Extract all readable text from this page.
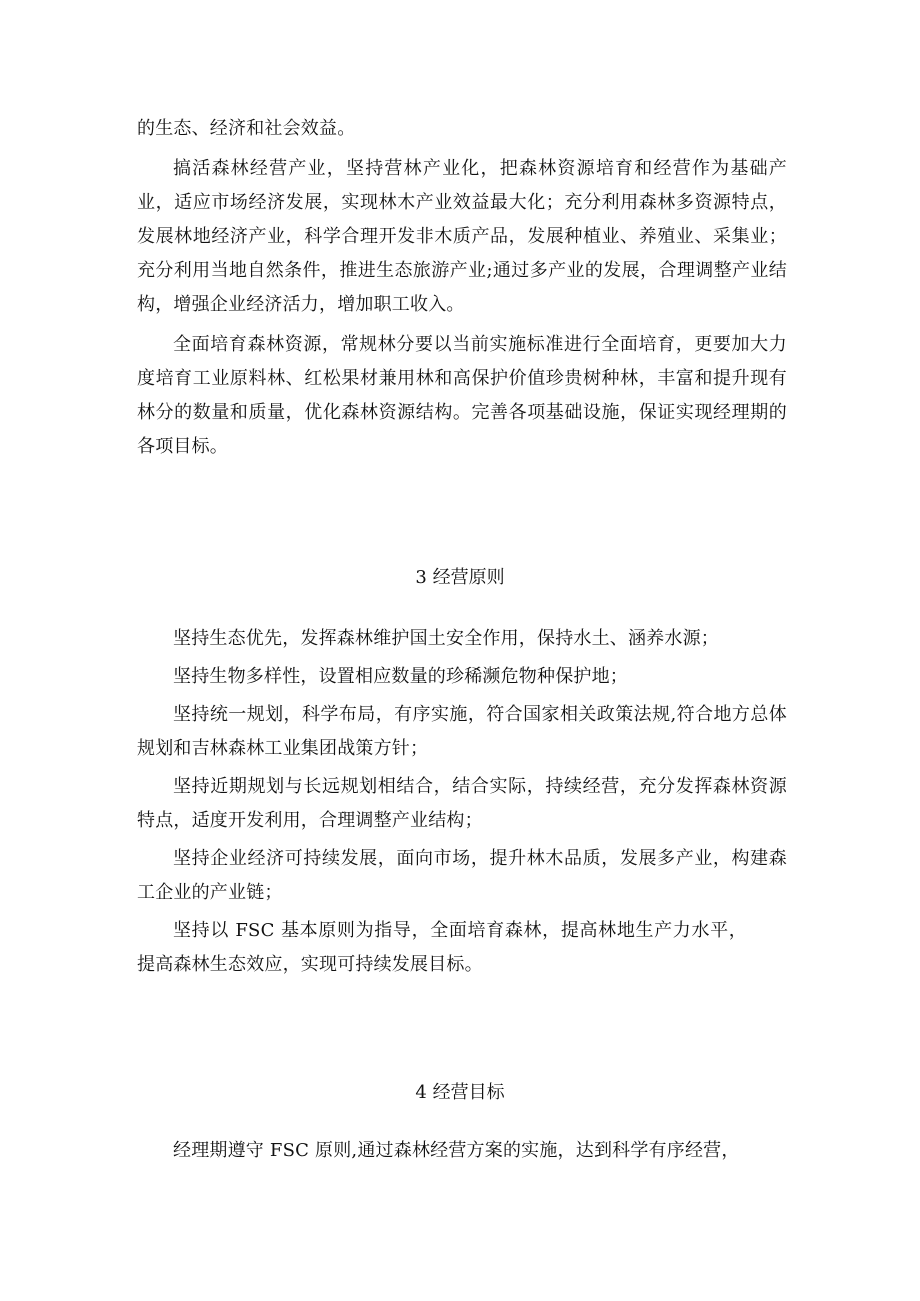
的生态、经济和社会效益。

搞活森林经营产业，坚持营林产业化，把森林资源培育和经营作为基础产业，适应市场经济发展，实现林木产业效益最大化；充分利用森林多资源特点，发展林地经济产业，科学合理开发非木质产品，发展种植业、养殖业、采集业；充分利用当地自然条件，推进生态旅游产业;通过多产业的发展，合理调整产业结构，增强企业经济活力，增加职工收入。

全面培育森林资源，常规林分要以当前实施标准进行全面培育，更要加大力度培育工业原料林、红松果材兼用林和高保护价值珍贵树种林，丰富和提升现有林分的数量和质量，优化森林资源结构。完善各项基础设施，保证实现经理期的各项目标。

3 经营原则

坚持生态优先，发挥森林维护国土安全作用，保持水土、涵养水源；

坚持生物多样性，设置相应数量的珍稀濒危物种保护地；

坚持统一规划，科学布局，有序实施，符合国家相关政策法规,符合地方总体规划和吉林森林工业集团战策方针；

坚持近期规划与长远规划相结合，结合实际，持续经营，充分发挥森林资源特点，适度开发利用，合理调整产业结构；

坚持企业经济可持续发展，面向市场，提升林木品质，发展多产业，构建森工企业的产业链；

坚持以 FSC 基本原则为指导，全面培育森林，提高林地生产力水平，提高森林生态效应，实现可持续发展目标。

4 经营目标

经理期遵守 FSC 原则,通过森林经营方案的实施，达到科学有序经营，
